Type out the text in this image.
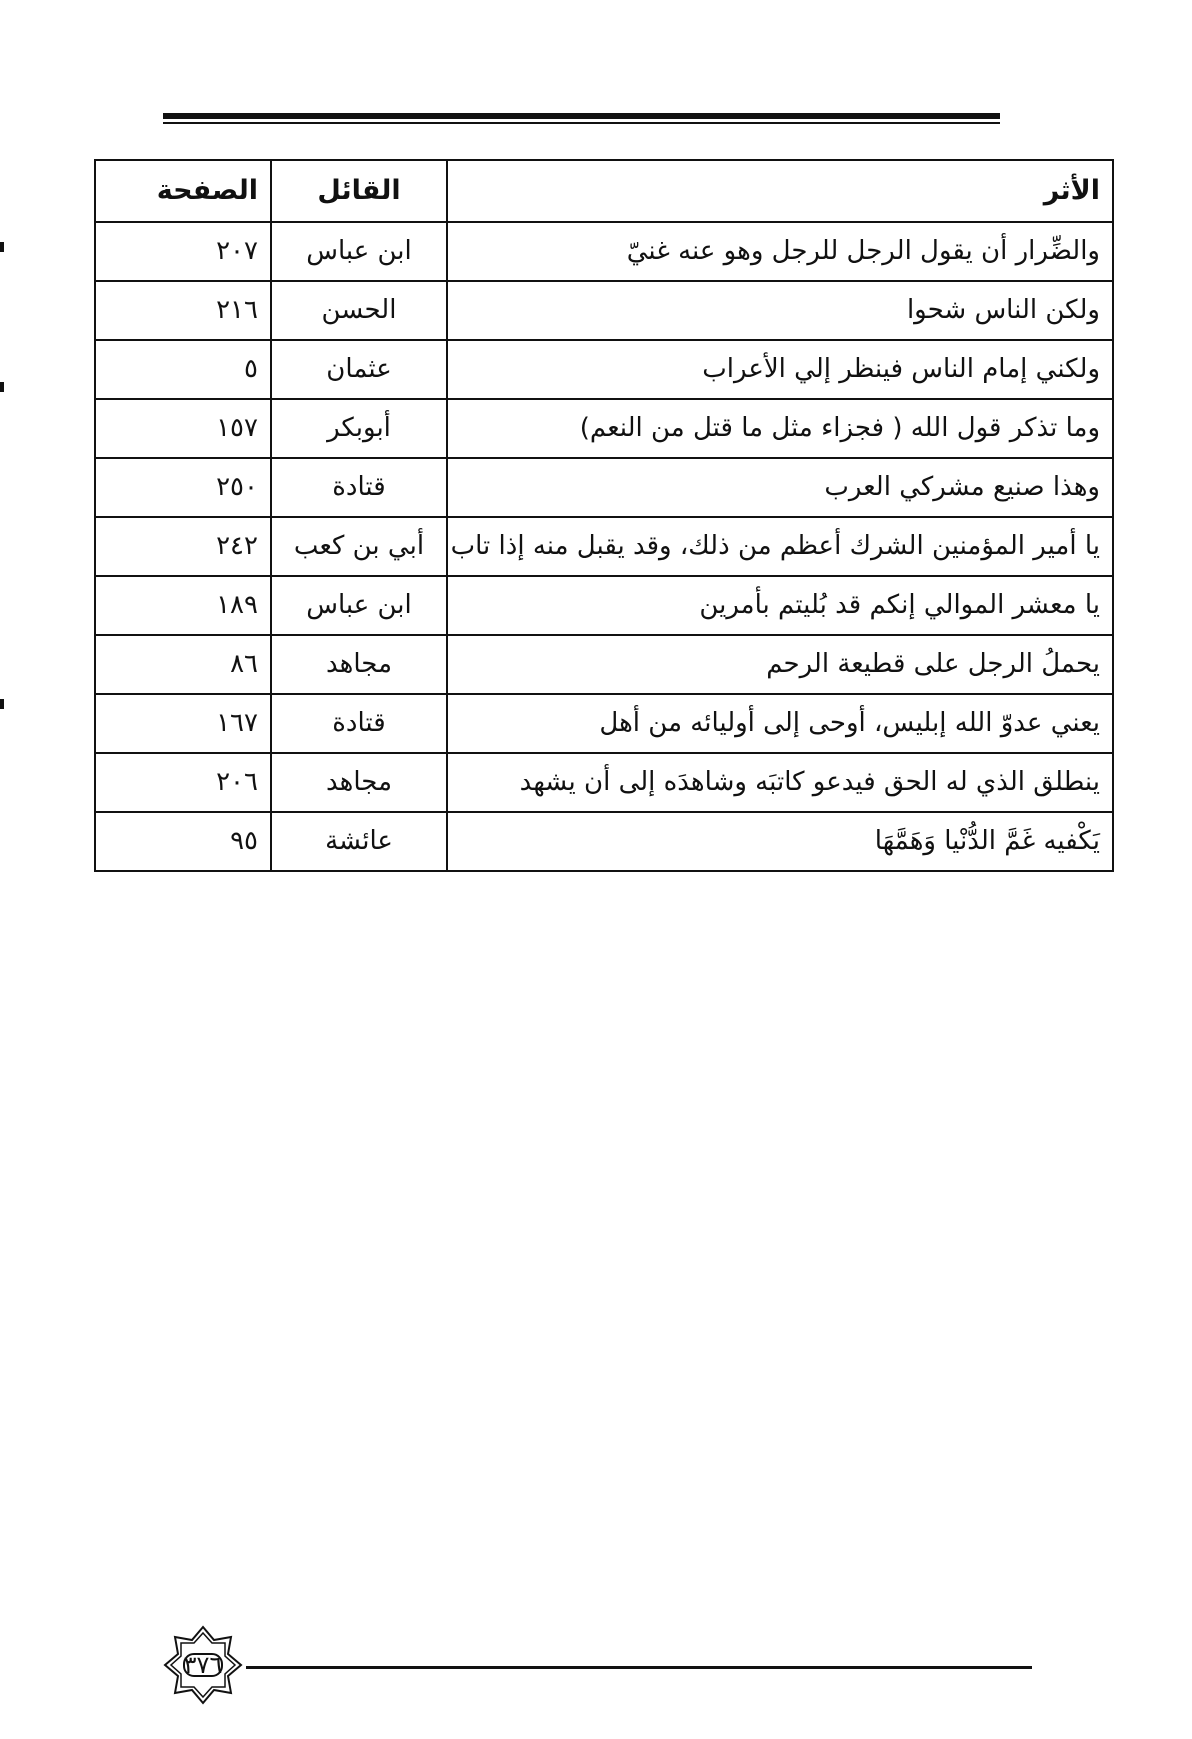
الأثر	القائل	الصفحة
والضِّرار أن يقول الرجل للرجل وهو عنه غنيّ	ابن عباس	٢٠٧
ولكن الناس شحوا	الحسن	٢١٦
ولكني إمام الناس فينظر إلي الأعراب	عثمان	٥
وما تذكر قول الله ( فجزاء مثل ما قتل من النعم)	أبوبكر	١٥٧
وهذا صنيع مشركي العرب	قتادة	٢٥٠
يا أمير المؤمنين الشرك أعظم من ذلك، وقد يقبل منه إذا تاب	أبي بن كعب	٢٤٢
يا معشر الموالي إنكم قد بُليتم بأمرين	ابن عباس	١٨٩
يحملُ الرجل على قطيعة الرحم	مجاهد	٨٦
يعني عدوّ الله إبليس، أوحى إلى أوليائه من أهل	قتادة	١٦٧
ينطلق الذي له الحق فيدعو كاتبَه وشاهدَه إلى أن يشهد	مجاهد	٢٠٦
يَكْفيه غَمَّ الدُّنْيا وَهَمَّهَا	عائشة	٩٥
٣٧٦
